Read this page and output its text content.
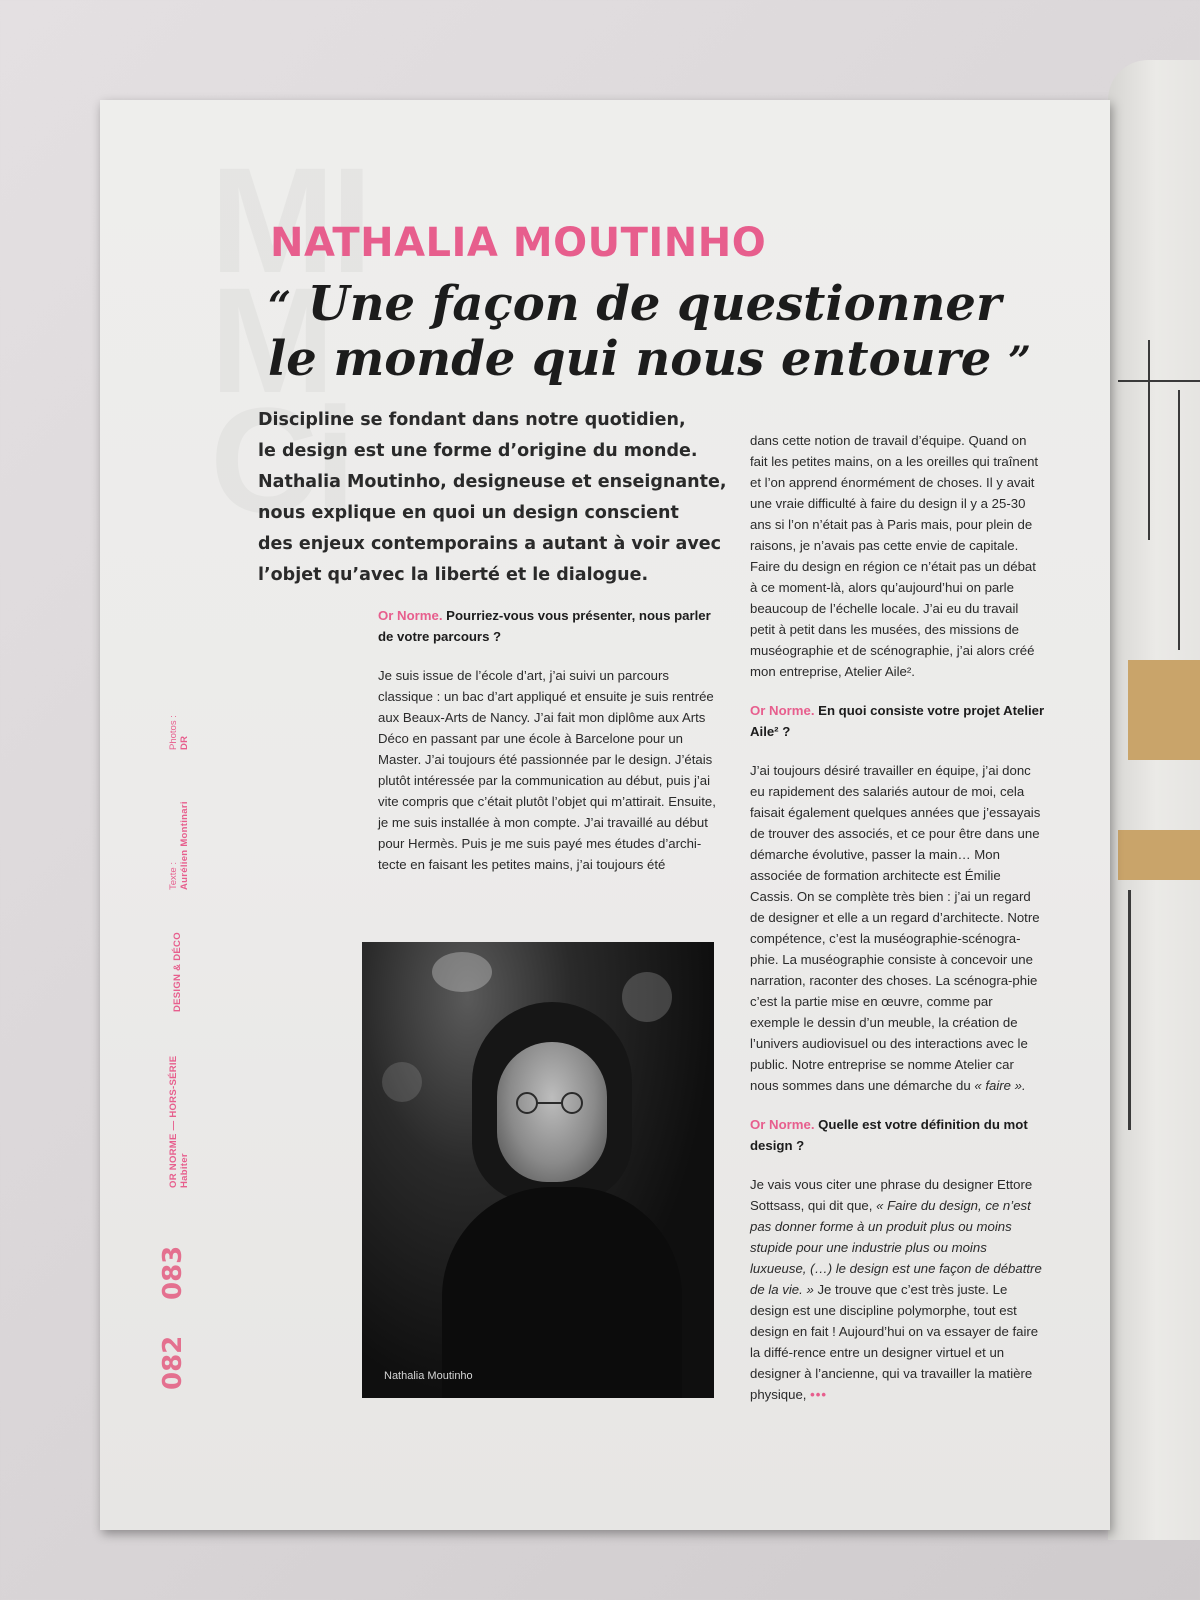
NATHALIA MOUTINHO
“ Une façon de questionner
le monde qui nous entoure ”
Discipline se fondant dans notre quotidien,
le design est une forme d’origine du monde.
Nathalia Moutinho, designeuse et enseignante,
nous explique en quoi un design conscient
des enjeux contemporains a autant à voir avec
l’objet qu’avec la liberté et le dialogue.

Or Norme. Pourriez-vous vous présenter, nous parler de votre parcours ?

Je suis issue de l’école d’art, j’ai suivi un parcours classique : un bac d’art appliqué et ensuite je suis rentrée aux Beaux-Arts de Nancy. J’ai fait mon diplôme aux Arts Déco en passant par une école à Barcelone pour un Master. J’ai toujours été passionnée par le design. J’étais plutôt intéressée par la communication au début, puis j’ai vite compris que c’était plutôt l’objet qui m’attirait. Ensuite, je me suis installée à mon compte. J’ai travaillé au début pour Hermès. Puis je me suis payé mes études d’archi-tecte en faisant les petites mains, j’ai toujours été

Nathalia Moutinho

dans cette notion de travail d’équipe. Quand on fait les petites mains, on a les oreilles qui traînent et l’on apprend énormément de choses. Il y avait une vraie difficulté à faire du design il y a 25-30 ans si l’on n’était pas à Paris mais, pour plein de raisons, je n’avais pas cette envie de capitale. Faire du design en région ce n’était pas un débat à ce moment-là, alors qu’aujourd’hui on parle beaucoup de l’échelle locale. J’ai eu du travail petit à petit dans les musées, des missions de muséographie et de scénographie, j’ai alors créé mon entreprise, Atelier Aile².

Or Norme. En quoi consiste votre projet Atelier Aile² ?

J’ai toujours désiré travailler en équipe, j’ai donc eu rapidement des salariés autour de moi, cela faisait également quelques années que j’essayais de trouver des associés, et ce pour être dans une démarche évolutive, passer la main… Mon associée de formation architecte est Émilie Cassis. On se complète très bien : j’ai un regard de designer et elle a un regard d’architecte. Notre compétence, c’est la muséographie-scénogra-phie. La muséographie consiste à concevoir une narration, raconter des choses. La scénogra-phie c’est la partie mise en œuvre, comme par exemple le dessin d’un meuble, la création de l’univers audiovisuel ou des interactions avec le public. Notre entreprise se nomme Atelier car nous sommes dans une démarche du « faire ».

Or Norme. Quelle est votre définition du mot design ?

Je vais vous citer une phrase du designer Ettore Sottsass, qui dit que, « Faire du design, ce n’est pas donner forme à un produit plus ou moins stupide pour une industrie plus ou moins luxueuse, (…) le design est une façon de débattre de la vie. » Je trouve que c’est très juste. Le design est une discipline polymorphe, tout est design en fait ! Aujourd’hui on va essayer de faire la diffé-rence entre un designer virtuel et un designer à l’ancienne, qui va travailler la matière physique, •••

082
083
OR NORME — HORS-SÉRIE Habiter
DESIGN & DÉCO
Texte : Aurélien Montinari
Photos : DR
